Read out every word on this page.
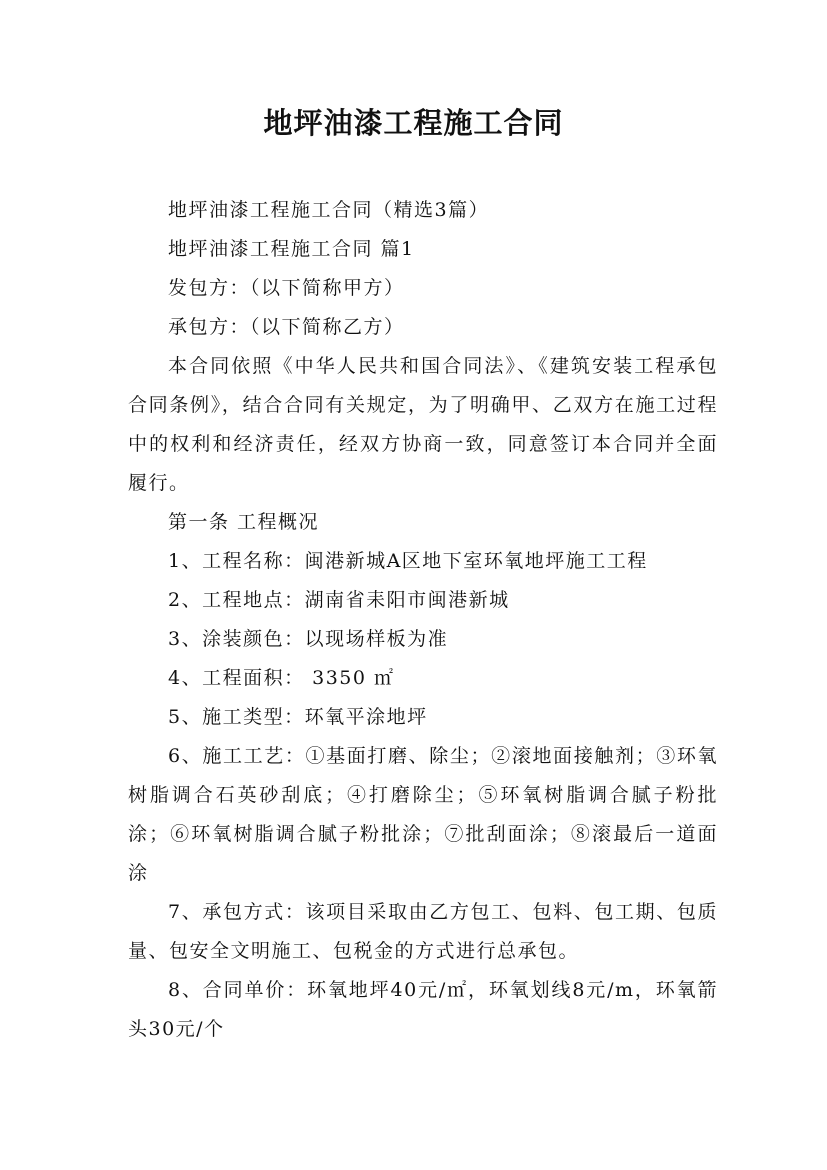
地坪油漆工程施工合同

地坪油漆工程施工合同（精选3篇）

地坪油漆工程施工合同 篇1

发包方：（以下简称甲方）

承包方：（以下简称乙方）

本合同依照《中华人民共和国合同法》、《建筑安装工程承包合同条例》，结合合同有关规定，为了明确甲、乙双方在施工过程中的权利和经济责任，经双方协商一致，同意签订本合同并全面履行。

第一条 工程概况

1、工程名称：闽港新城A区地下室环氧地坪施工工程

2、工程地点：湖南省耒阳市闽港新城

3、涂装颜色：以现场样板为准

4、工程面积： 3350 ㎡

5、施工类型：环氧平涂地坪

6、施工工艺：①基面打磨、除尘；②滚地面接触剂；③环氧树脂调合石英砂刮底；④打磨除尘；⑤环氧树脂调合腻子粉批涂；⑥环氧树脂调合腻子粉批涂；⑦批刮面涂；⑧滚最后一道面涂

7、承包方式：该项目采取由乙方包工、包料、包工期、包质量、包安全文明施工、包税金的方式进行总承包。

8、合同单价：环氧地坪40元/㎡，环氧划线8元/m，环氧箭头30元/个
